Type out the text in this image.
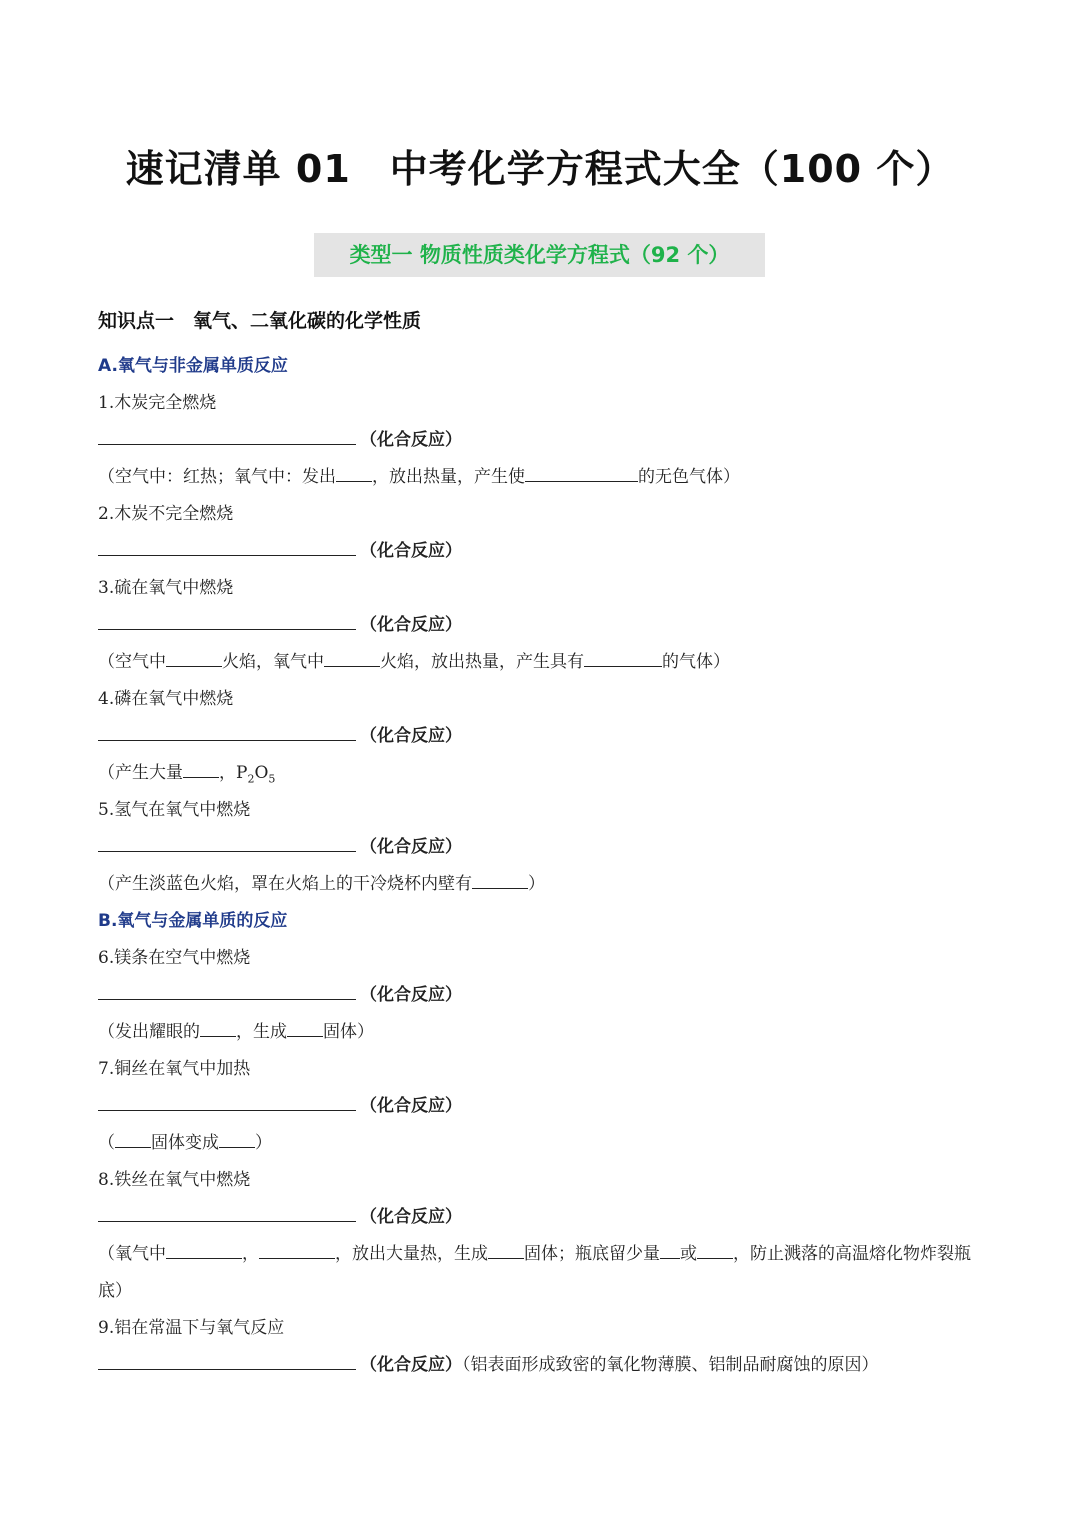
速记清单 01　中考化学方程式大全（100 个）
类型一 物质性质类化学方程式（92 个）
知识点一　氧气、二氧化碳的化学性质
A.氧气与非金属单质反应
1.木炭完全燃烧
（化合反应）
（空气中：红热；氧气中：发出 ，放出热量，产生使	的无色气体）
2.木炭不完全燃烧
（化合反应）
3.硫在氧气中燃烧
（化合反应）
（空气中	火焰，氧气中	火焰，放出热量，产生具有	的气体）
4.磷在氧气中燃烧
（化合反应）
（产生大量 ，$P_2O_5$
5.氢气在氧气中燃烧
（化合反应）
（产生淡蓝色火焰，罩在火焰上的干冷烧杯内壁有	）
B.氧气与金属单质的反应
6.镁条在空气中燃烧
（化合反应）
（发出耀眼的 ，生成 固体）
7.铜丝在氧气中加热
（化合反应）
（ 固体变成 ）
8.铁丝在氧气中燃烧
（化合反应）
（氧气中	，	，放出大量热，生成 固体；瓶底留少量 或 ，防止溅落的高温熔化物炸裂瓶底）
9.铝在常温下与氧气反应
（化合反应）（铝表面形成致密的氧化物薄膜、铝制品耐腐蚀的原因）
